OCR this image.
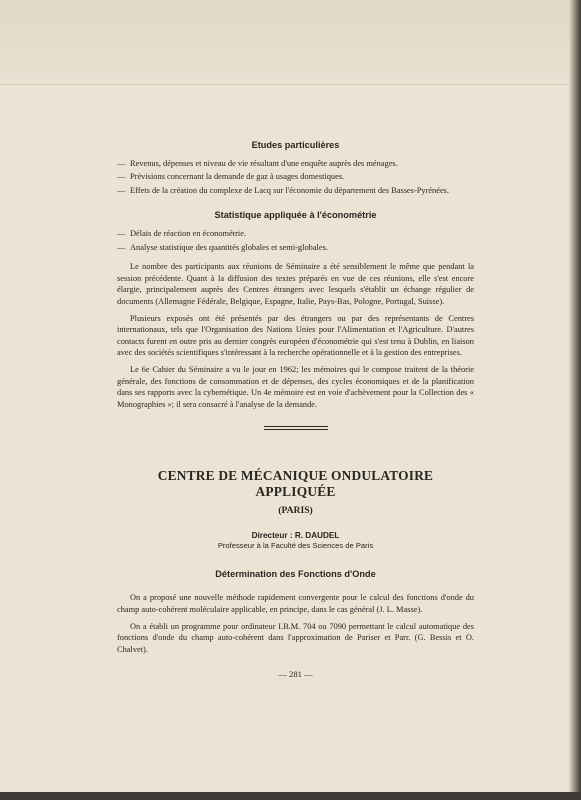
Etudes particulières
— Revenus, dépenses et niveau de vie résultant d'une enquête auprès des ménages.
— Prévisions concernant la demande de gaz à usages domestiques.
— Effets de la création du complexe de Lacq sur l'économie du département des Basses-Pyrénées.
Statistique appliquée à l'économétrie
— Délais de réaction en économétrie.
— Analyse statistique des quantités globales et semi-globales.

Le nombre des participants aux réunions de Séminaire a été sensiblement le même que pendant la session précédente. Quant à la diffusion des textes préparés en vue de ces réunions, elle s'est encore élargie, principalement auprès des Centres étrangers avec lesquels s'établit un échange régulier de documents (Allemagne Fédérale, Belgique, Espagne, Italie, Pays-Bas, Pologne, Portugal, Suisse).

Plusieurs exposés ont été présentés par des étrangers ou par des représentants de Centres internationaux, tels que l'Organisation des Nations Unies pour l'Alimentation et l'Agriculture. D'autres contacts furent en outre pris au dernier congrès européen d'économétrie qui s'est tenu à Dublin, en liaison avec des sociétés scientifiques s'intéressant à la recherche opérationnelle et à la gestion des entreprises.

Le 6e Cahier du Séminaire a vu le jour en 1962; les mémoires qui le compose traitent de la théorie générale, des fonctions de consommation et de dépenses, des cycles économiques et de la planification dans ses rapports avec la cybernétique. Un 4e mémoire est en voie d'achèvement pour la Collection des « Monographies »; il sera consacré à l'analyse de la demande.

CENTRE DE MÉCANIQUE ONDULATOIRE APPLIQUÉE
(PARIS)
Directeur : R. DAUDEL
Professeur à la Faculté des Sciences de Paris
Détermination des Fonctions d'Onde

On a proposé une nouvelle méthode rapidement convergente pour le calcul des fonctions d'onde du champ auto-cohérent moléculaire applicable, en principe, dans le cas général (J. L. Masse).

On a établi un programme pour ordinateur I.B.M. 704 ou 7090 permettant le calcul automatique des fonctions d'onde du champ auto-cohérent dans l'approximation de Pariser et Parr. (G. Bessis et O. Chalvet).

— 281 —
